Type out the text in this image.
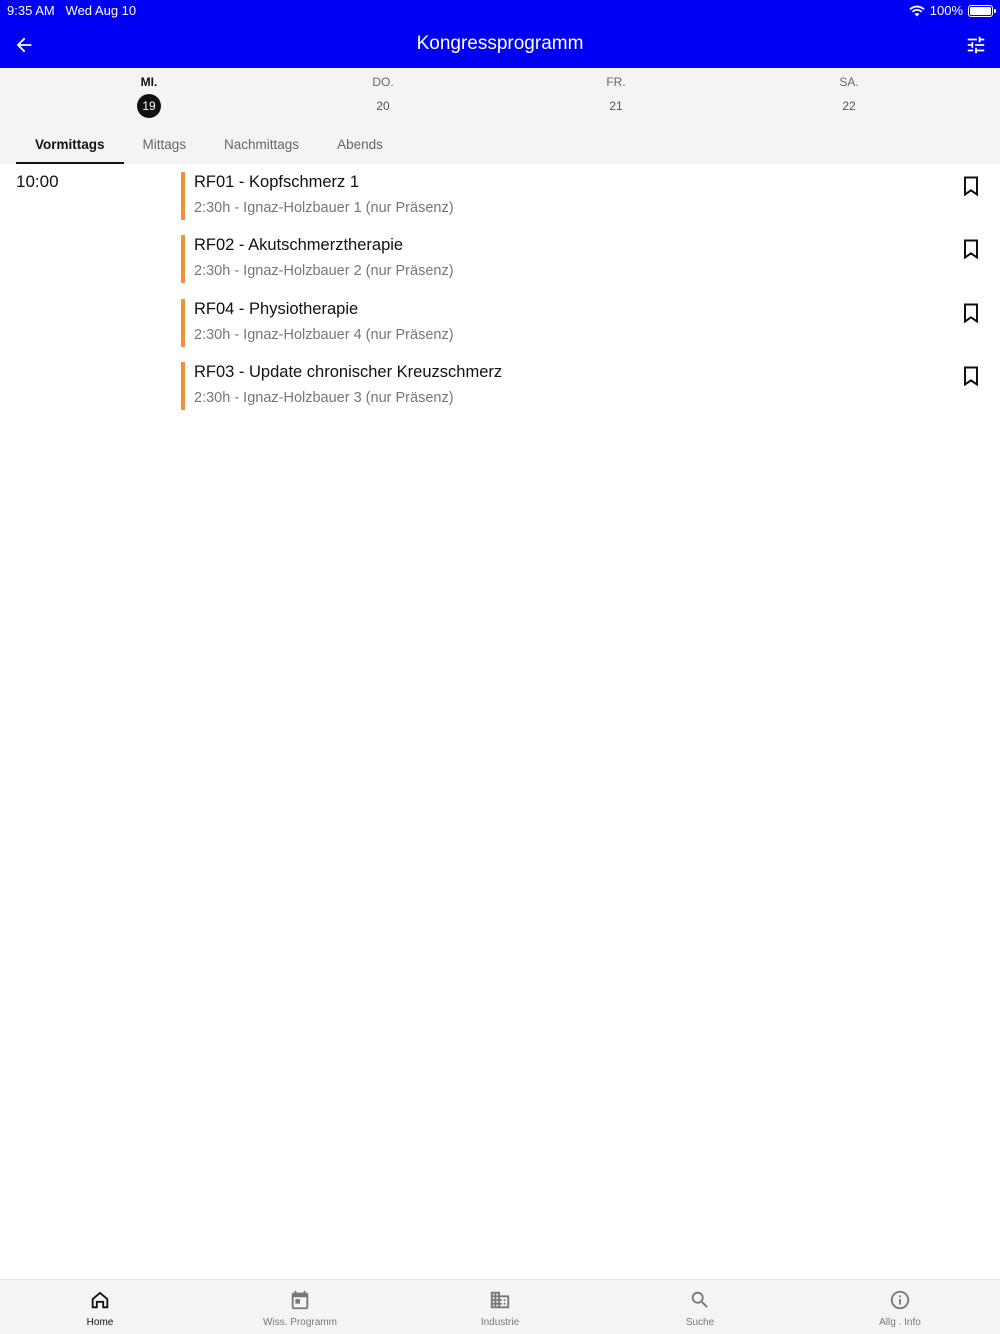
9:35 AM Wed Aug 10	100%
Kongressprogramm
MI.
19
DO.
20
FR.
21
SA.
22
Vormittags	Mittags	Nachmittags	Abends
10:00	RF01 - Kopfschmerz 1
2:30h - Ignaz-Holzbauer 1 (nur Präsenz)
RF02 - Akutschmerztherapie
2:30h - Ignaz-Holzbauer 2 (nur Präsenz)
RF04 - Physiotherapie
2:30h - Ignaz-Holzbauer 4 (nur Präsenz)
RF03 - Update chronischer Kreuzschmerz
2:30h - Ignaz-Holzbauer 3 (nur Präsenz)
Home	Wiss. Programm	Industrie	Suche	Allg . Info
